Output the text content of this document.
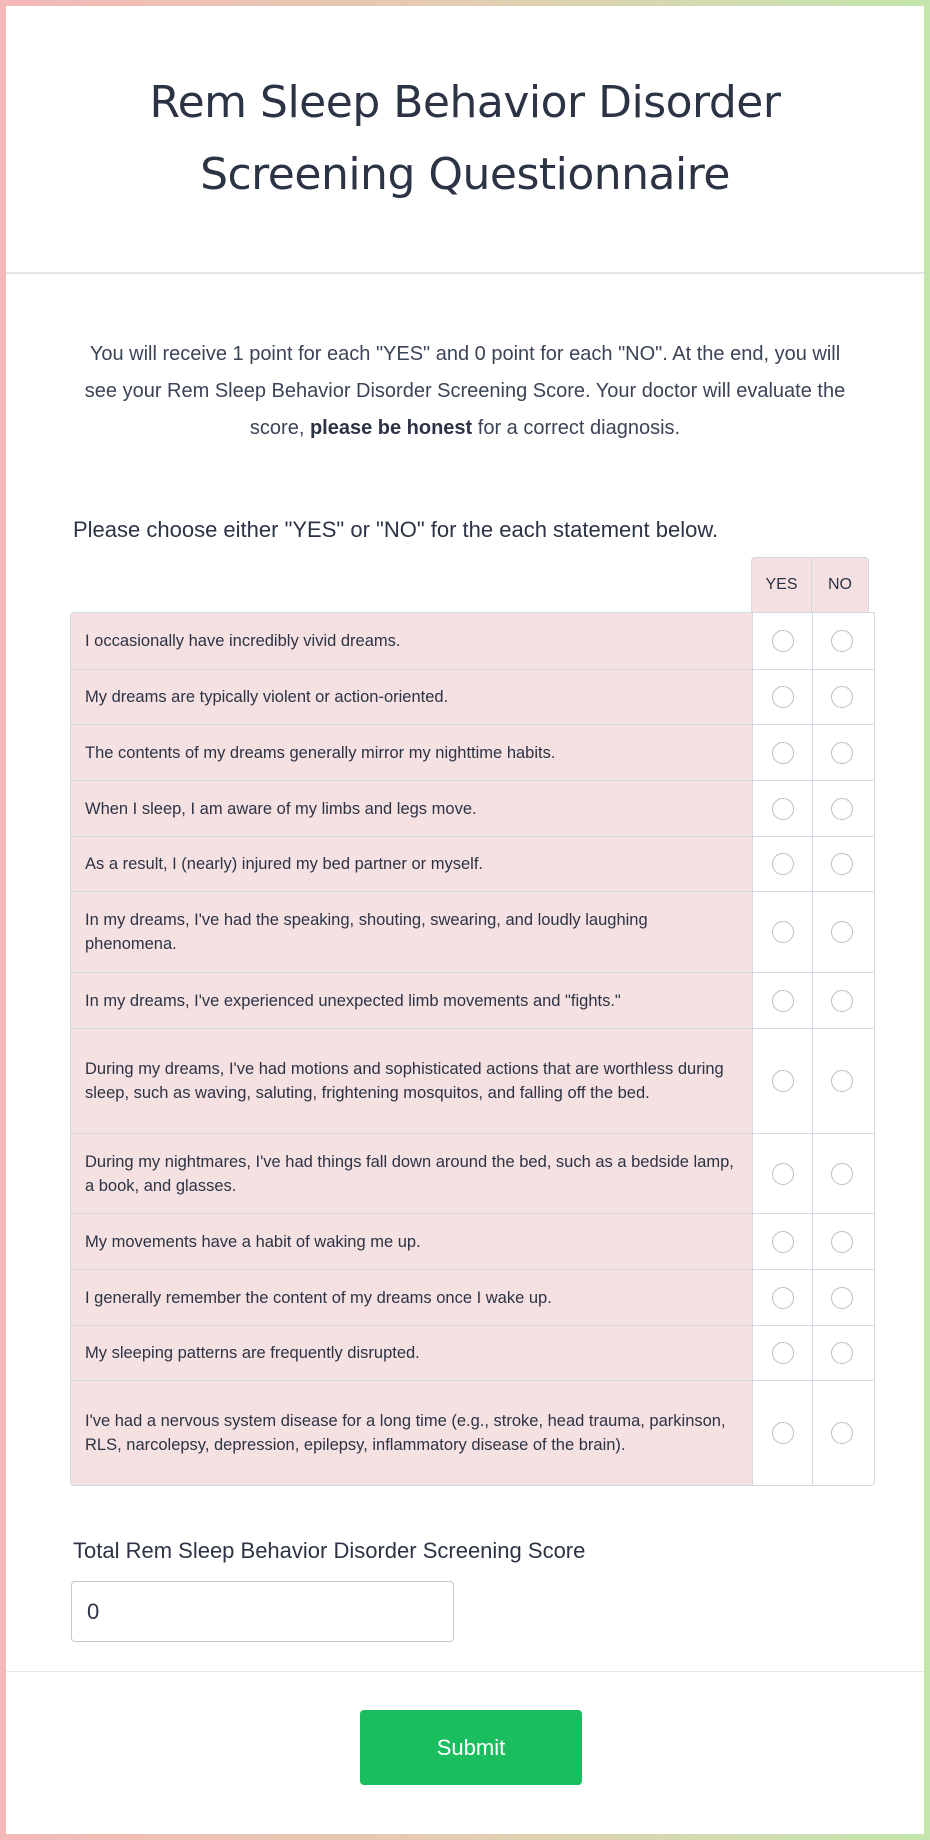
Rem Sleep Behavior Disorder Screening Questionnaire

You will receive 1 point for each "YES" and 0 point for each "NO". At the end, you will see your Rem Sleep Behavior Disorder Screening Score. Your doctor will evaluate the score, please be honest for a correct diagnosis.

Please choose either "YES" or "NO" for the each statement below.
YES	NO
I occasionally have incredibly vivid dreams.
My dreams are typically violent or action-oriented.
The contents of my dreams generally mirror my nighttime habits.
When I sleep, I am aware of my limbs and legs move.
As a result, I (nearly) injured my bed partner or myself.
In my dreams, I've had the speaking, shouting, swearing, and loudly laughing phenomena.
In my dreams, I've experienced unexpected limb movements and "fights."
During my dreams, I've had motions and sophisticated actions that are worthless during sleep, such as waving, saluting, frightening mosquitos, and falling off the bed.
During my nightmares, I've had things fall down around the bed, such as a bedside lamp, a book, and glasses.
My movements have a habit of waking me up.
I generally remember the content of my dreams once I wake up.
My sleeping patterns are frequently disrupted.
I've had a nervous system disease for a long time (e.g., stroke, head trauma, parkinson, RLS, narcolepsy, depression, epilepsy, inflammatory disease of the brain).
Total Rem Sleep Behavior Disorder Screening Score
0
Submit
